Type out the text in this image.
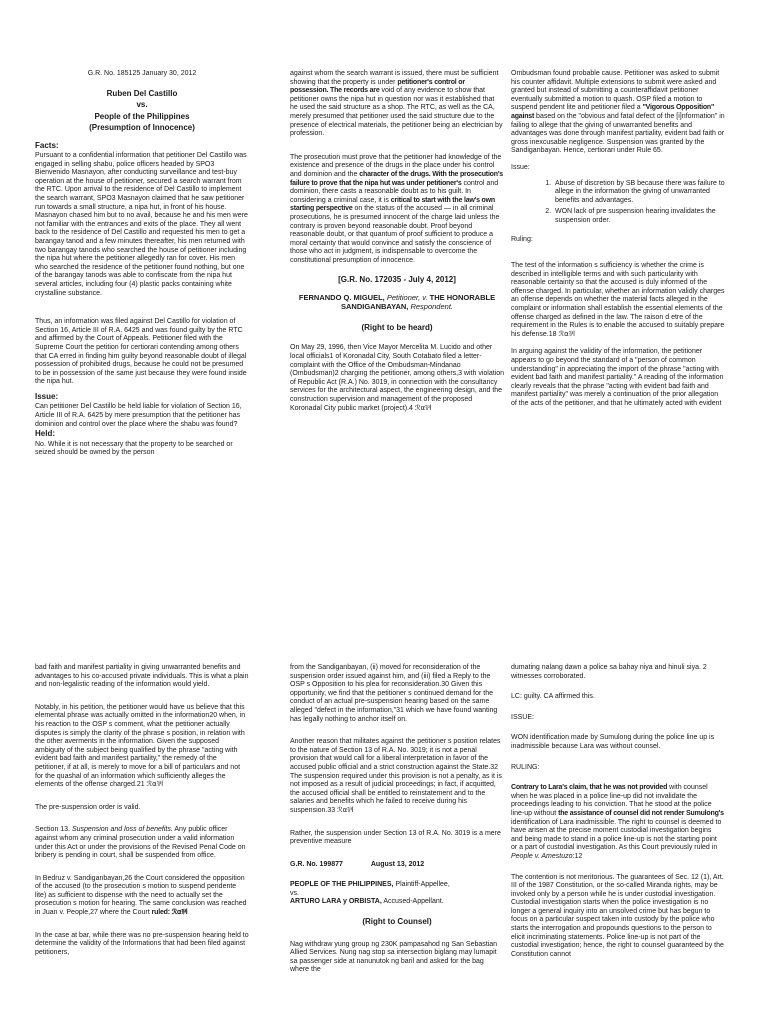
G.R. No. 185125 January 30, 2012

Ruben Del Castillo
vs.
People of the Philippines
(Presumption of Innocence)
Facts:

Pursuant to a confidential information that petitioner Del Castillo was engaged in selling shabu, police officers headed by SPO3 Bienvenido Masnayon, after conducting surveillance and test-buy operation at the house of petitioner, secured a search warrant from the RTC. Upon arrival to the residence of Del Castillo to implement the search warrant, SPO3 Masnayon claimed that he saw petitioner run towards a small structure, a nipa hut, in front of his house. Masnayon chased him but to no avail, because he and his men were not familiar with the entrances and exits of the place. They all went back to the residence of Del Castillo and requested his men to get a barangay tanod and a few minutes thereafter, his men returned with two barangay tanods who searched the house of petitioner including the nipa hut where the petitioner allegedly ran for cover. His men who searched the residence of the petitioner found nothing, but one of the barangay tanods was able to confiscate from the nipa hut several articles, including four (4) plastic packs containing white crystalline substance.

Thus, an information was filed against Del Castillo for violation of Section 16, Article III of R.A. 6425 and was found guilty by the RTC and affirmed by the Court of Appeals. Petitioner filed with the Supreme Court the petition for certiorari contending among others that CA erred in finding him guilty beyond reasonable doubt of illegal possession of prohibited drugs, because he could not be presumed to be in possession of the same just because they were found inside the nipa hut.

Issue:

Can petitioner Del Castillo be held liable for violation of Section 16, Article III of R.A. 6425 by mere presumption that the petitioner has dominion and control over the place where the shabu was found?

Held:

No. While it is not necessary that the property to be searched or seized should be owned by the person

against whom the search warrant is issued, there must be sufficient showing that the property is under petitioner's control or possession. The records are void of any evidence to show that petitioner owns the nipa hut in question nor was it established that he used the said structure as a shop. The RTC, as well as the CA, merely presumed that petitioner used the said structure due to the presence of electrical materials, the petitioner being an electrician by profession.

The prosecution must prove that the petitioner had knowledge of the existence and presence of the drugs in the place under his control and dominion and the character of the drugs. With the prosecution's failure to prove that the nipa hut was under petitioner's control and dominion, there casts a reasonable doubt as to his guilt. In considering a criminal case, it is critical to start with the law's own starting perspective on the status of the accused — in all criminal prosecutions, he is presumed innocent of the charge laid unless the contrary is proven beyond reasonable doubt. Proof beyond reasonable doubt, or that quantum of proof sufficient to produce a moral certainty that would convince and satisfy the conscience of those who act in judgment, is indispensable to overcome the constitutional presumption of innocence.

[G.R. No. 172035 - July 4, 2012]

FERNANDO Q. MIGUEL, Petitioner, v. THE HONORABLE SANDIGANBAYAN, Respondent.

(Right to be heard)

On May 29, 1996, then Vice Mayor Mercelita M. Lucido and other local officials1 of Koronadal City, South Cotabato filed a letter-complaint with the Office of the Ombudsman-Mindanao (Ombudsman)2 charging the petitioner, among others,3 with violation of Republic Act (R.A.) No. 3019, in connection with the consultancy services for the architectural aspect, the engineering design, and the construction supervision and management of the proposed Koronadal City public market (project).4 ℛ⍺⅌l

Ombudsman found probable cause. Petitioner was asked to submit his counter affidavit. Multiple extensions to submit were asked and granted but instead of submitting a counteraffidavit petitioner eventually submitted a motion to quash. OSP filed a motion to suspend pendent lite and petitioner filed a "Vigorous Opposition" against based on the "obvious and fatal defect of the [i]nformation" in failing to allege that the giving of unwarranted benefits and advantages was done through manifest partiality, evident bad faith or gross inexcusable negligence. Suspension was granted by the Sandiganbayan. Hence, certiorari under Rule 65.

Issue:

1. Abuse of discretion by SB because there was failure to allege in the information the giving of unwarranted benefits and advantages.
2. WON lack of pre suspension hearing invalidates the suspension order.

Ruling:

The test of the information s sufficiency is whether the crime is described in intelligible terms and with such particularity with reasonable certainty so that the accused is duly informed of the offense charged. In particular, whether an information validly charges an offense depends on whether the material facts alleged in the complaint or information shall establish the essential elements of the offense charged as defined in the law. The raison d etre of the requirement in the Rules is to enable the accused to suitably prepare his defense.18 ℛ⍺⅌l

In arguing against the validity of the information, the petitioner appears to go beyond the standard of a "person of common understanding" in appreciating the import of the phrase "acting with evident bad faith and manifest partiality." A reading of the information clearly reveals that the phrase "acting with evident bad faith and manifest partiality" was merely a continuation of the prior allegation of the acts of the petitioner, and that he ultimately acted with evident

bad faith and manifest partiality in giving unwarranted benefits and advantages to his co-accused private individuals. This is what a plain and non-legalistic reading of the information would yield.

Notably, in his petition, the petitioner would have us believe that this elemental phrase was actually omitted in the information20 when, in his reaction to the OSP s comment, what the petitioner actually disputes is simply the clarity of the phrase s position, in relation with the other averments in the information. Given the supposed ambiguity of the subject being qualified by the phrase "acting with evident bad faith and manifest partiality," the remedy of the petitioner, if at all, is merely to move for a bill of particulars and not for the quashal of an information which sufficiently alleges the elements of the offense charged.21 ℛ⍺⅌l

The pre-suspension order is valid.

Section 13. Suspension and loss of benefits. Any public officer against whom any criminal prosecution under a valid information under this Act or under the provisions of the Revised Penal Code on bribery is pending in court, shall be suspended from office.

In Bedruz v. Sandiganbayan,26 the Court considered the opposition of the accused (to the prosecution s motion to suspend pendente lite) as sufficient to dispense with the need to actually set the prosecution s motion for hearing. The same conclusion was reached in Juan v. People,27 where the Court ruled: ℛ⍺⅌l

In the case at bar, while there was no pre-suspension hearing held to determine the validity of the Informations that had been filed against petitioners,

from the Sandiganbayan, (ii) moved for reconsideration of the suspension order issued against him, and (iii) filed a Reply to the OSP s Opposition to his plea for reconsideration.30 Given this opportunity, we find that the petitioner s continued demand for the conduct of an actual pre-suspension hearing based on the same alleged "defect in the information,"31 which we have found wanting has legally nothing to anchor itself on.

Another reason that militates against the petitioner s position relates to the nature of Section 13 of R.A. No. 3019; it is not a penal provision that would call for a liberal interpretation in favor of the accused public official and a strict construction against the State.32 The suspension required under this provision is not a penalty, as it is not imposed as a result of judicial proceedings; in fact, if acquitted, the accused official shall be entitled to reinstatement and to the salaries and benefits which he failed to receive during his suspension.33 ℛ⍺⅌l

Rather, the suspension under Section 13 of R.A. No. 3019 is a mere preventive measure

G.R. No. 199877	August 13, 2012

PEOPLE OF THE PHILIPPINES, Plaintiff-Appellee,
vs.
ARTURO LARA y ORBISTA, Accused-Appellant.

(Right to Counsel)

Nag withdraw yung group ng 230K pampasahod ng San Sebastian Allied Services. Nung nag stop sa intersection biglang may lumapit sa passenger side at nanunutok ng baril and asked for the bag where the

dumating nalang dawn a police sa bahay niya and hinuli siya. 2 witnesses corroborated.

LC: guilty. CA affirmed this.

ISSUE:

WON identification made by Sumulong during the police line up is inadmissible because Lara was without counsel.

RULING:

Contrary to Lara's claim, that he was not provided with counsel when he was placed in a police line-up did not invalidate the proceedings leading to his conviction. That he stood at the police line-up without the assistance of counsel did not render Sumulong's identification of Lara inadmissible. The right to counsel is deemed to have arisen at the precise moment custodial investigation begins and being made to stand in a police line-up is not the starting point or a part of custodial investigation. As this Court previously ruled in People v. Amestuzo:12

The contention is not meritorious. The guarantees of Sec. 12 (1), Art. III of the 1987 Constitution, or the so-called Miranda rights, may be invoked only by a person while he is under custodial investigation. Custodial investigation starts when the police investigation is no longer a general inquiry into an unsolved crime but has begun to focus on a particular suspect taken into custody by the police who starts the interrogation and propounds questions to the person to elicit incriminating statements. Police line-up is not part of the custodial investigation; hence, the right to counsel guaranteed by the Constitution cannot
